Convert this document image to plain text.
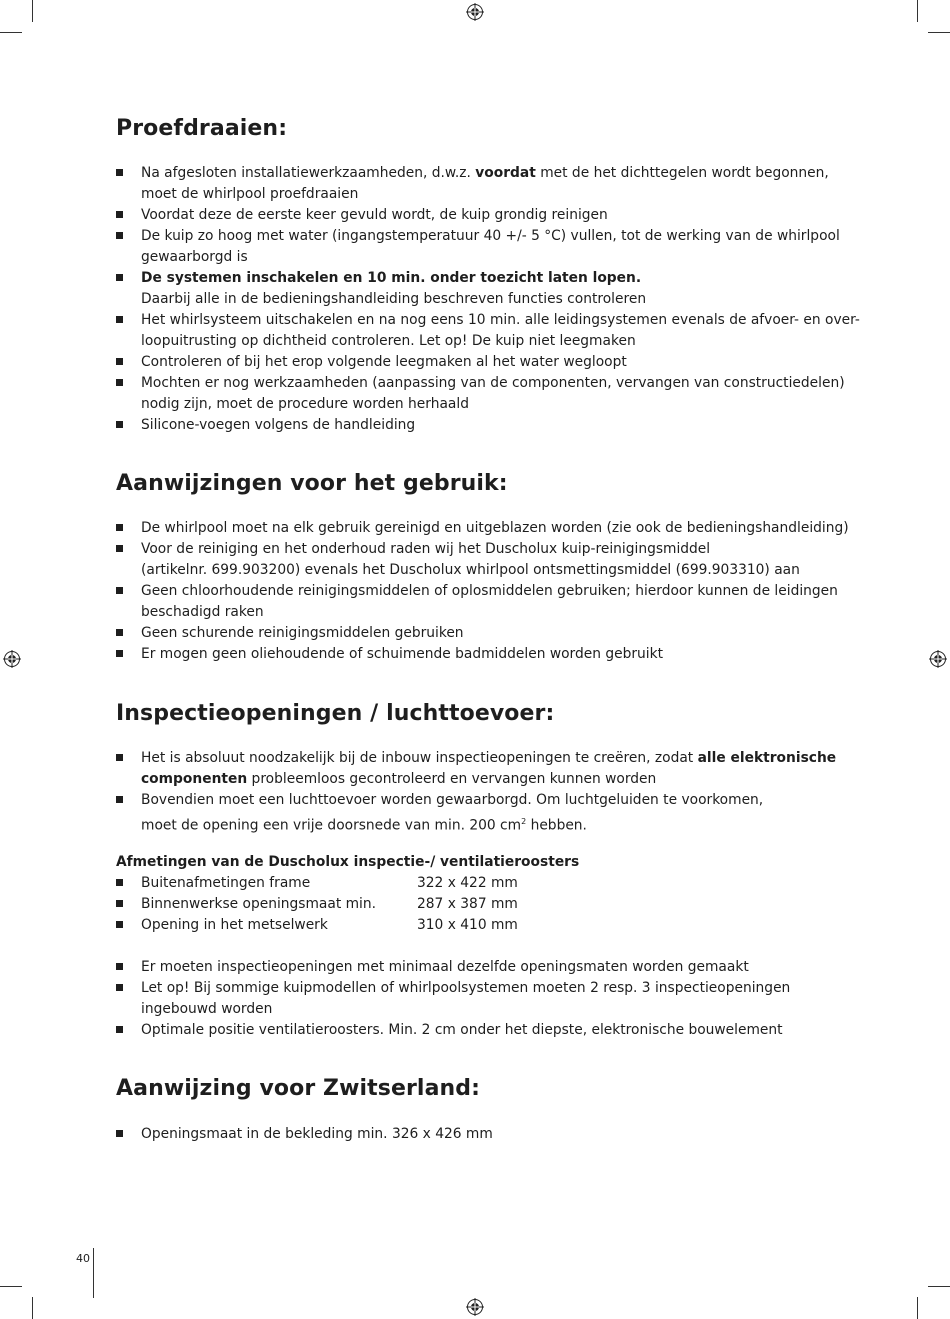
Proefdraaien:
Na afgesloten installatiewerkzaamheden, d.w.z. voordat met de het dichttegelen wordt begonnen,
moet de whirlpool proefdraaien
Voordat deze de eerste keer gevuld wordt, de kuip grondig reinigen
De kuip zo hoog met water (ingangstemperatuur 40 +/- 5 °C) vullen, tot de werking van de whirlpool
gewaarborgd is
De systemen inschakelen en 10 min. onder toezicht laten lopen.
Daarbij alle in de bedieningshandleiding beschreven functies controleren
Het whirlsysteem uitschakelen en na nog eens 10 min. alle leidingsystemen evenals de afvoer- en over-
loopuitrusting op dichtheid controleren. Let op! De kuip niet leegmaken
Controleren of bij het erop volgende leegmaken al het water wegloopt
Mochten er nog werkzaamheden (aanpassing van de componenten, vervangen van constructiedelen)
nodig zijn, moet de procedure worden herhaald
Silicone-voegen volgens de handleiding
Aanwijzingen voor het gebruik:
De whirlpool moet na elk gebruik gereinigd en uitgeblazen worden (zie ook de bedieningshandleiding)
Voor de reiniging en het onderhoud raden wij het Duscholux kuip-reinigingsmiddel
(artikelnr. 699.903200) evenals het Duscholux whirlpool ontsmettingsmiddel (699.903310) aan
Geen chloorhoudende reinigingsmiddelen of oplosmiddelen gebruiken; hierdoor kunnen de leidingen
beschadigd raken
Geen schurende reinigingsmiddelen gebruiken
Er mogen geen oliehoudende of schuimende badmiddelen worden gebruikt
Inspectieopeningen / luchttoevoer:
Het is absoluut noodzakelijk bij de inbouw inspectieopeningen te creëren, zodat alle elektronische
componenten probleemloos gecontroleerd en vervangen kunnen worden
Bovendien moet een luchttoevoer worden gewaarborgd. Om luchtgeluiden te voorkomen,
moet de opening een vrije doorsnede van min. 200 $cm^2$ hebben.

Afmetingen van de Duscholux inspectie-/ ventilatieroosters

Buitenafmetingen frame	322 x 422 mm
Binnenwerkse openingsmaat min.	287 x 387 mm
Opening in het metselwerk	310 x 410 mm
Er moeten inspectieopeningen met minimaal dezelfde openingsmaten worden gemaakt
Let op! Bij sommige kuipmodellen of whirlpoolsystemen moeten 2 resp. 3 inspectieopeningen
ingebouwd worden
Optimale positie ventilatieroosters. Min. 2 cm onder het diepste, elektronische bouwelement
Aanwijzing voor Zwitserland:
Openingsmaat in de bekleding min. 326 x 426 mm
40
